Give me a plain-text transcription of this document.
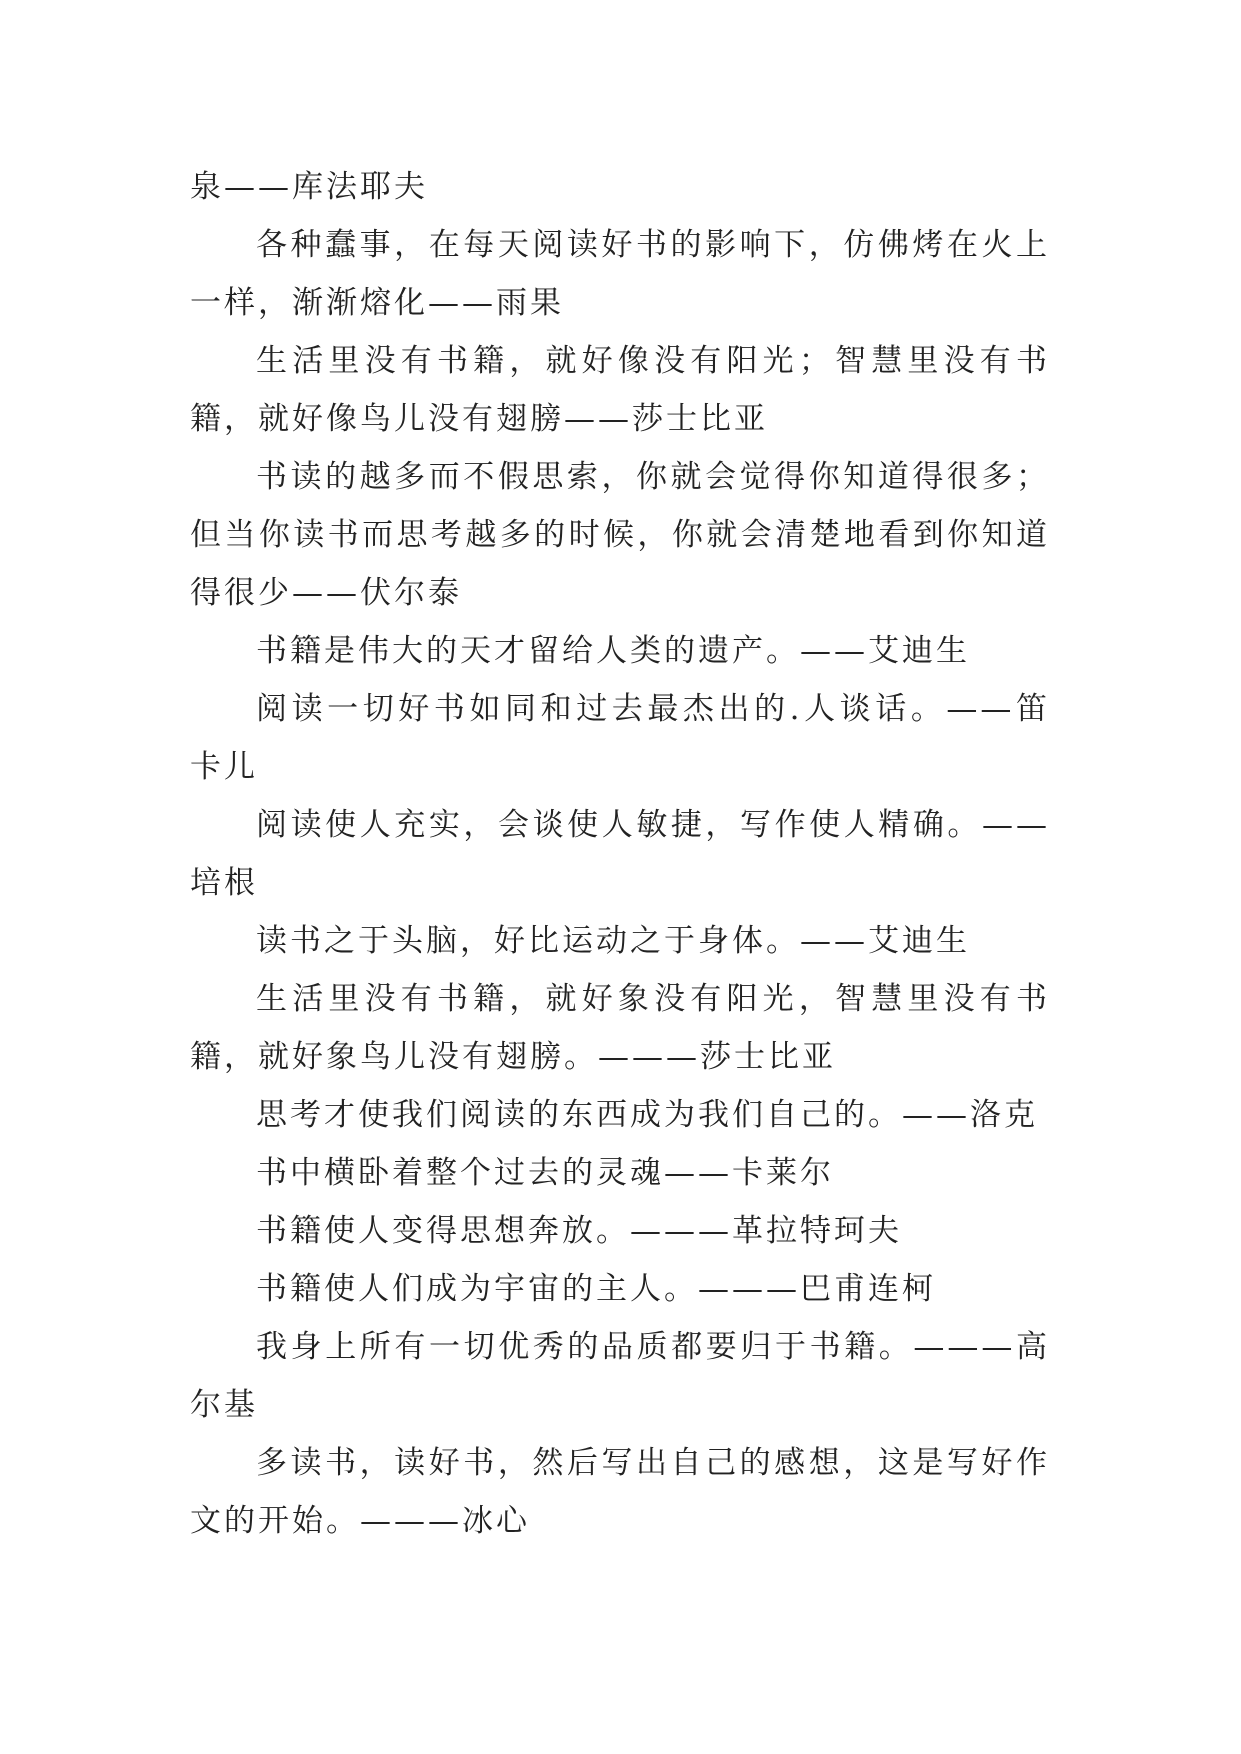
泉——库法耶夫

各种蠢事，在每天阅读好书的影响下，仿佛烤在火上一样，渐渐熔化——雨果

生活里没有书籍，就好像没有阳光；智慧里没有书籍，就好像鸟儿没有翅膀——莎士比亚

书读的越多而不假思索，你就会觉得你知道得很多；但当你读书而思考越多的时候，你就会清楚地看到你知道得很少——伏尔泰

书籍是伟大的天才留给人类的遗产。——艾迪生

阅读一切好书如同和过去最杰出的.人谈话。——笛卡儿

阅读使人充实，会谈使人敏捷，写作使人精确。——培根

读书之于头脑，好比运动之于身体。——艾迪生

生活里没有书籍，就好象没有阳光，智慧里没有书籍，就好象鸟儿没有翅膀。———莎士比亚

思考才使我们阅读的东西成为我们自己的。——洛克

书中横卧着整个过去的灵魂——卡莱尔

书籍使人变得思想奔放。———革拉特珂夫

书籍使人们成为宇宙的主人。———巴甫连柯

我身上所有一切优秀的品质都要归于书籍。———高尔基

多读书，读好书，然后写出自己的感想，这是写好作文的开始。———冰心
